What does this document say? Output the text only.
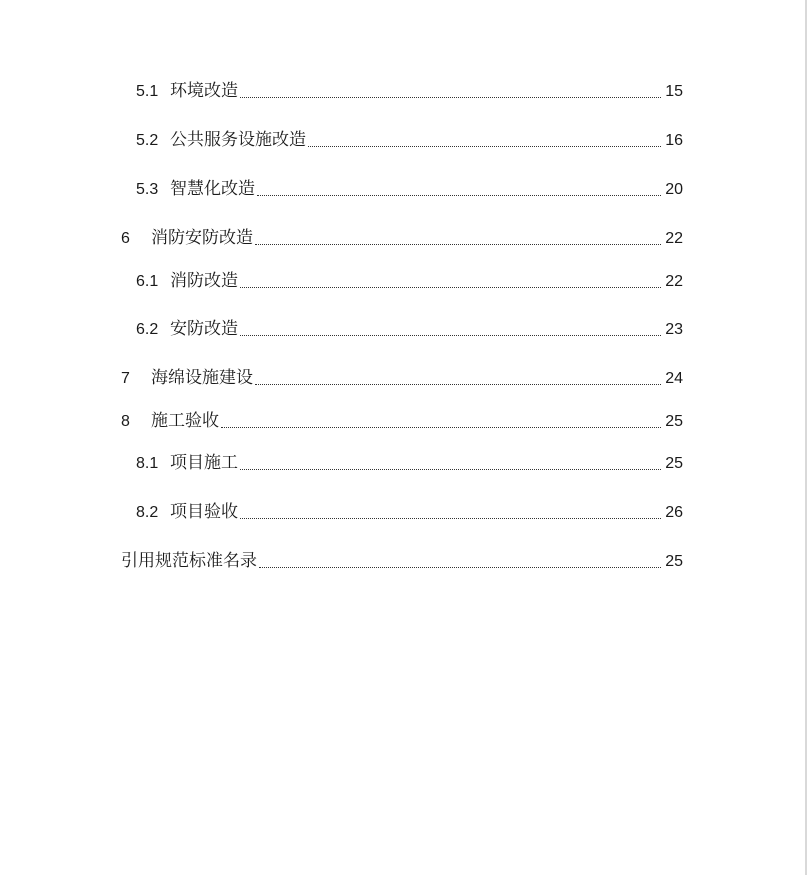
5.1 环境改造	15
5.2 公共服务设施改造	16
5.3 智慧化改造	20
6	消防安防改造	22
6.1 消防改造	22
6.2 安防改造	23
7	海绵设施建设	24
8	施工验收	25
8.1 项目施工	25
8.2 项目验收	26
引用规范标准名录	25
